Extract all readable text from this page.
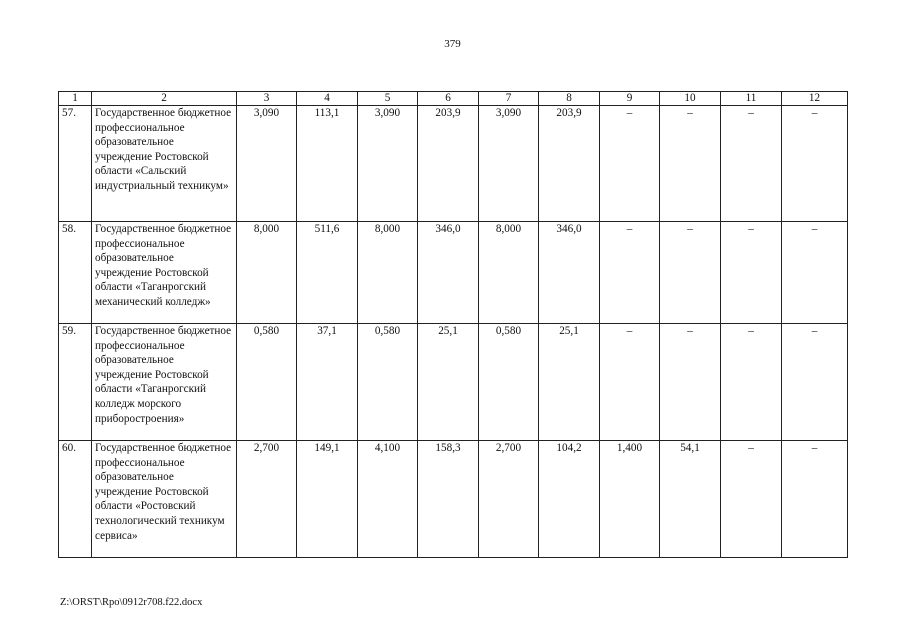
379
1	2	3	4	5	6	7	8	9	10	11	12
57.	Государственное бюджетное профессиональное образовательное учреждение Ростовской области «Сальский индустриальный техникум»	3,090	113,1	3,090	203,9	3,090	203,9	–	–	–	–
58.	Государственное бюджетное профессиональное образовательное учреждение Ростовской области «Таганрогский механический колледж»	8,000	511,6	8,000	346,0	8,000	346,0	–	–	–	–
59.	Государственное бюджетное профессиональное образовательное учреждение Ростовской области «Таганрогский колледж морского приборостроения»	0,580	37,1	0,580	25,1	0,580	25,1	–	–	–	–
60.	Государственное бюджетное профессиональное образовательное учреждение Ростовской области «Ростовский технологический техникум сервиса»	2,700	149,1	4,100	158,3	2,700	104,2	1,400	54,1	–	–
Z:\ORST\Rpo\0912r708.f22.docx
